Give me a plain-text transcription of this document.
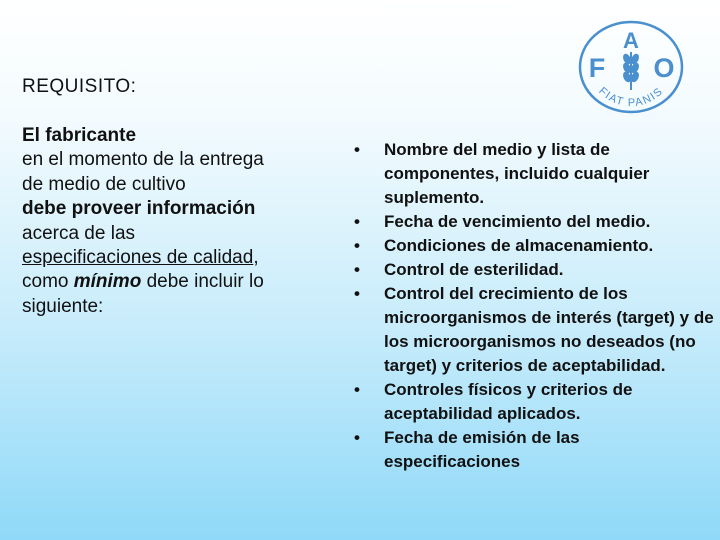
REQUISITO:
El fabricante
en el momento de la entrega
de medio de cultivo
debe proveer información
acerca de las
especificaciones de calidad,
como mínimo debe incluir lo
siguiente:
• Nombre del medio y lista de componentes, incluido cualquier suplemento.
• Fecha de vencimiento del medio.
• Condiciones de almacenamiento.
• Control de esterilidad.
• Control del crecimiento de los microorganismos de interés (target) y de los microorganismos no deseados (no target) y criterios de aceptabilidad.
• Controles físicos y criterios de aceptabilidad aplicados.
• Fecha de emisión de las especificaciones
F
A
O
FIAT PANIS
